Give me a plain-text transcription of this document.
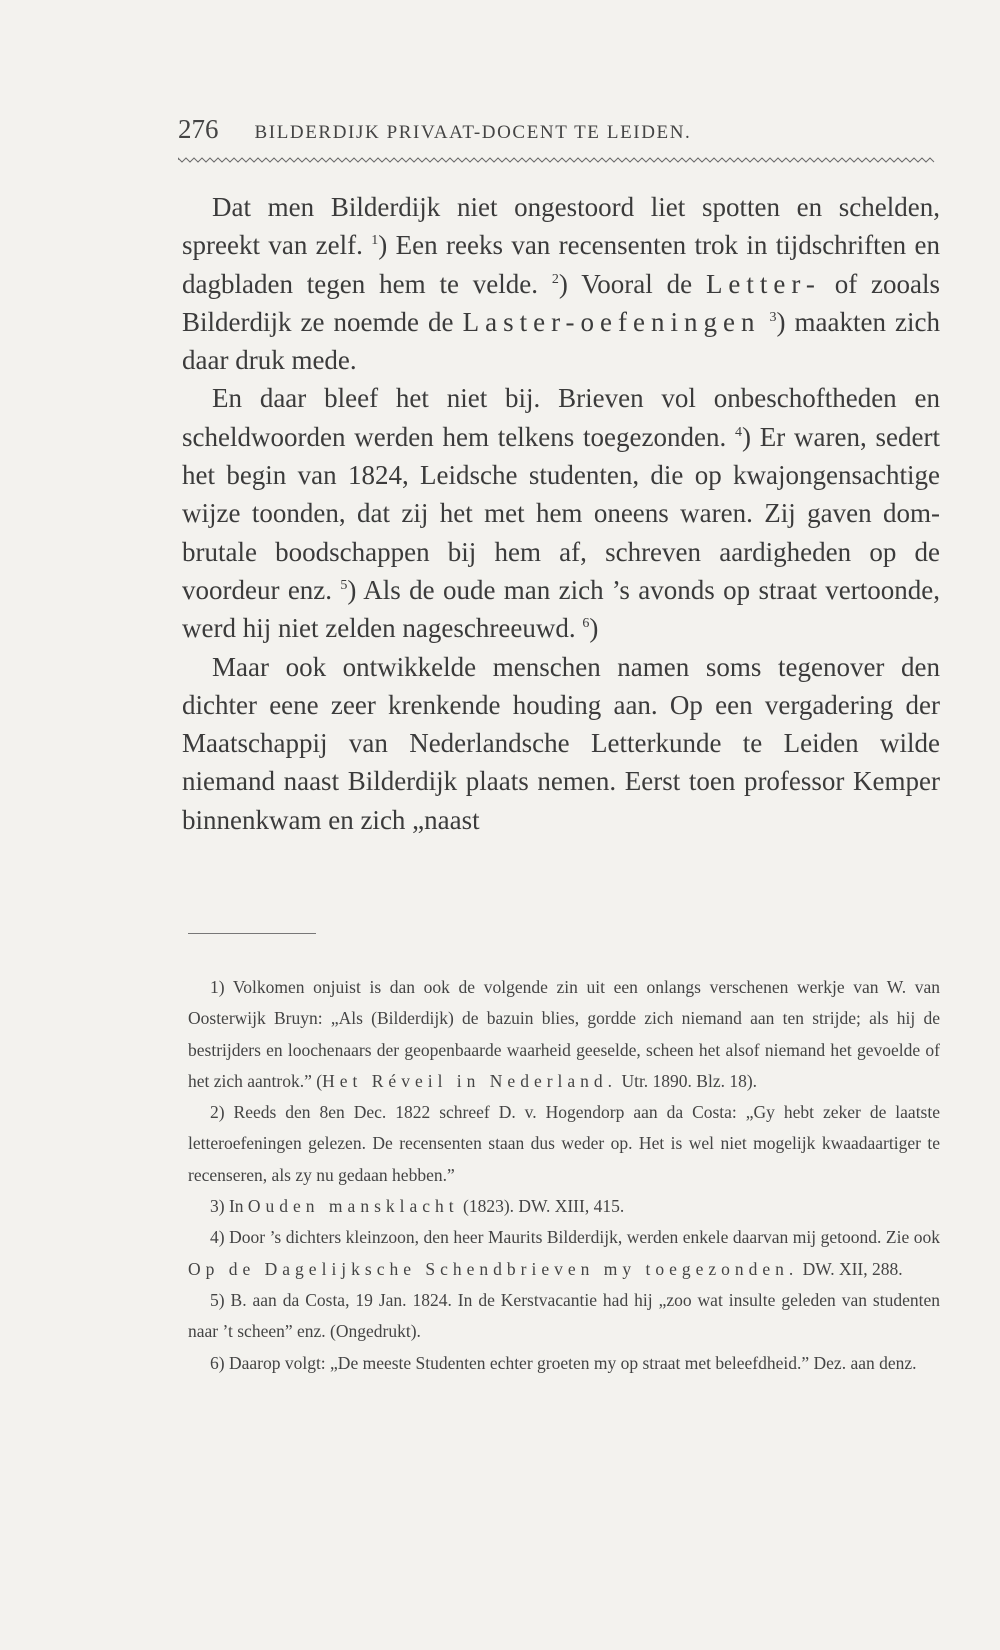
276 BILDERDIJK PRIVAAT-DOCENT TE LEIDEN.

Dat men Bilderdijk niet ongestoord liet spotten en schelden, spreekt van zelf. $^1$) Een reeks van recensenten trok in tijdschriften en dagbladen tegen hem te velde. $^2$) Vooral de Letter- of zooals Bilderdijk ze noemde de Laster-oefeningen $^3$) maakten zich daar druk mede.

En daar bleef het niet bij. Brieven vol onbeschoftheden en scheldwoorden werden hem telkens toegezonden. $^4$) Er waren, sedert het begin van 1824, Leidsche studenten, die op kwajongensachtige wijze toonden, dat zij het met hem oneens waren. Zij gaven dom-brutale boodschappen bij hem af, schreven aardigheden op de voordeur enz. $^5$) Als de oude man zich ’s avonds op straat vertoonde, werd hij niet zelden nageschreeuwd. $^6$)

Maar ook ontwikkelde menschen namen soms tegenover den dichter eene zeer krenkende houding aan. Op een vergadering der Maatschappij van Nederlandsche Letterkunde te Leiden wilde niemand naast Bilderdijk plaats nemen. Eerst toen professor Kemper binnenkwam en zich „naast

1) Volkomen onjuist is dan ook de volgende zin uit een onlangs verschenen werkje van W. van Oosterwijk Bruyn: „Als (Bilderdijk) de bazuin blies, gordde zich niemand aan ten strijde; als hij de bestrijders en loochenaars der geopenbaarde waarheid geeselde, scheen het alsof niemand het gevoelde of het zich aantrok.” (Het Réveil in Nederland. Utr. 1890. Blz. 18).

2) Reeds den 8en Dec. 1822 schreef D. v. Hogendorp aan da Costa: „Gy hebt zeker de laatste letteroefeningen gelezen. De recensenten staan dus weder op. Het is wel niet mogelijk kwaadaartiger te recenseren, als zy nu gedaan hebben.”

3) In Ouden mansklacht (1823). DW. XIII, 415.

4) Door ’s dichters kleinzoon, den heer Maurits Bilderdijk, werden enkele daarvan mij getoond. Zie ook Op de Dagelijksche Schendbrieven my toegezonden. DW. XII, 288.

5) B. aan da Costa, 19 Jan. 1824. In de Kerstvacantie had hij „zoo wat insulte geleden van studenten naar ’t scheen” enz. (Ongedrukt).

6) Daarop volgt: „De meeste Studenten echter groeten my op straat met beleefdheid.” Dez. aan denz.
